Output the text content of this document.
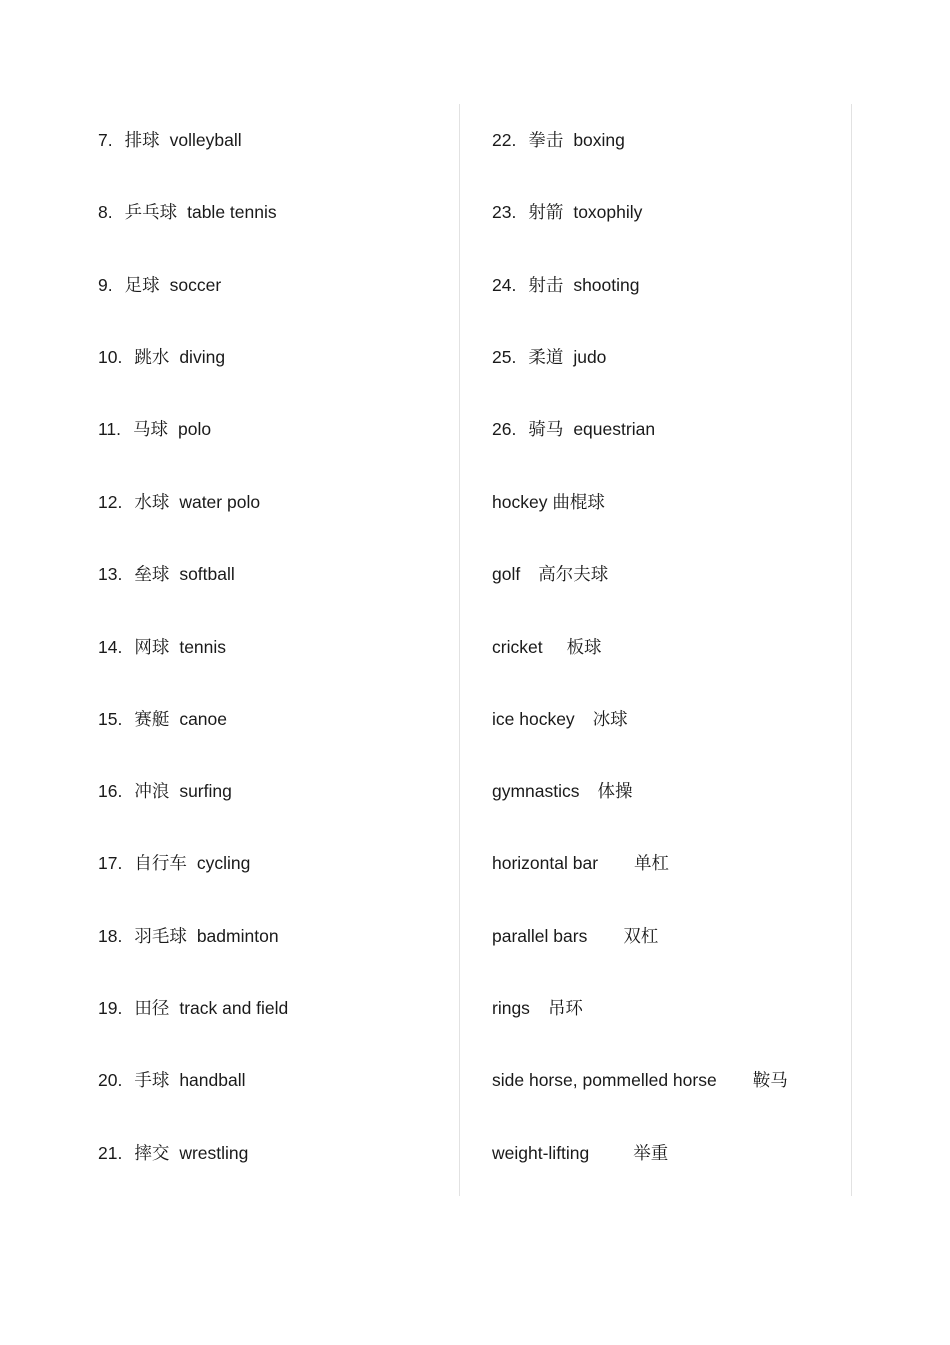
7. 排球 volleyball
8. 乒乓球 table tennis
9. 足球 soccer
10. 跳水 diving
11. 马球 polo
12. 水球 water polo
13. 垒球 softball
14. 网球 tennis
15. 赛艇 canoe
16. 冲浪 surfing
17. 自行车 cycling
18. 羽毛球 badminton
19. 田径 track and field
20. 手球 handball
21. 摔交 wrestling
22. 拳击 boxing
23. 射箭 toxophily
24. 射击 shooting
25. 柔道 judo
26. 骑马 equestrian
hockey 曲棍球
golf 高尔夫球
cricket 板球
ice hockey 冰球
gymnastics 体操
horizontal bar 单杠
parallel bars 双杠
rings 吊环
side horse, pommelled horse 鞍马
weight-lifting	举重
